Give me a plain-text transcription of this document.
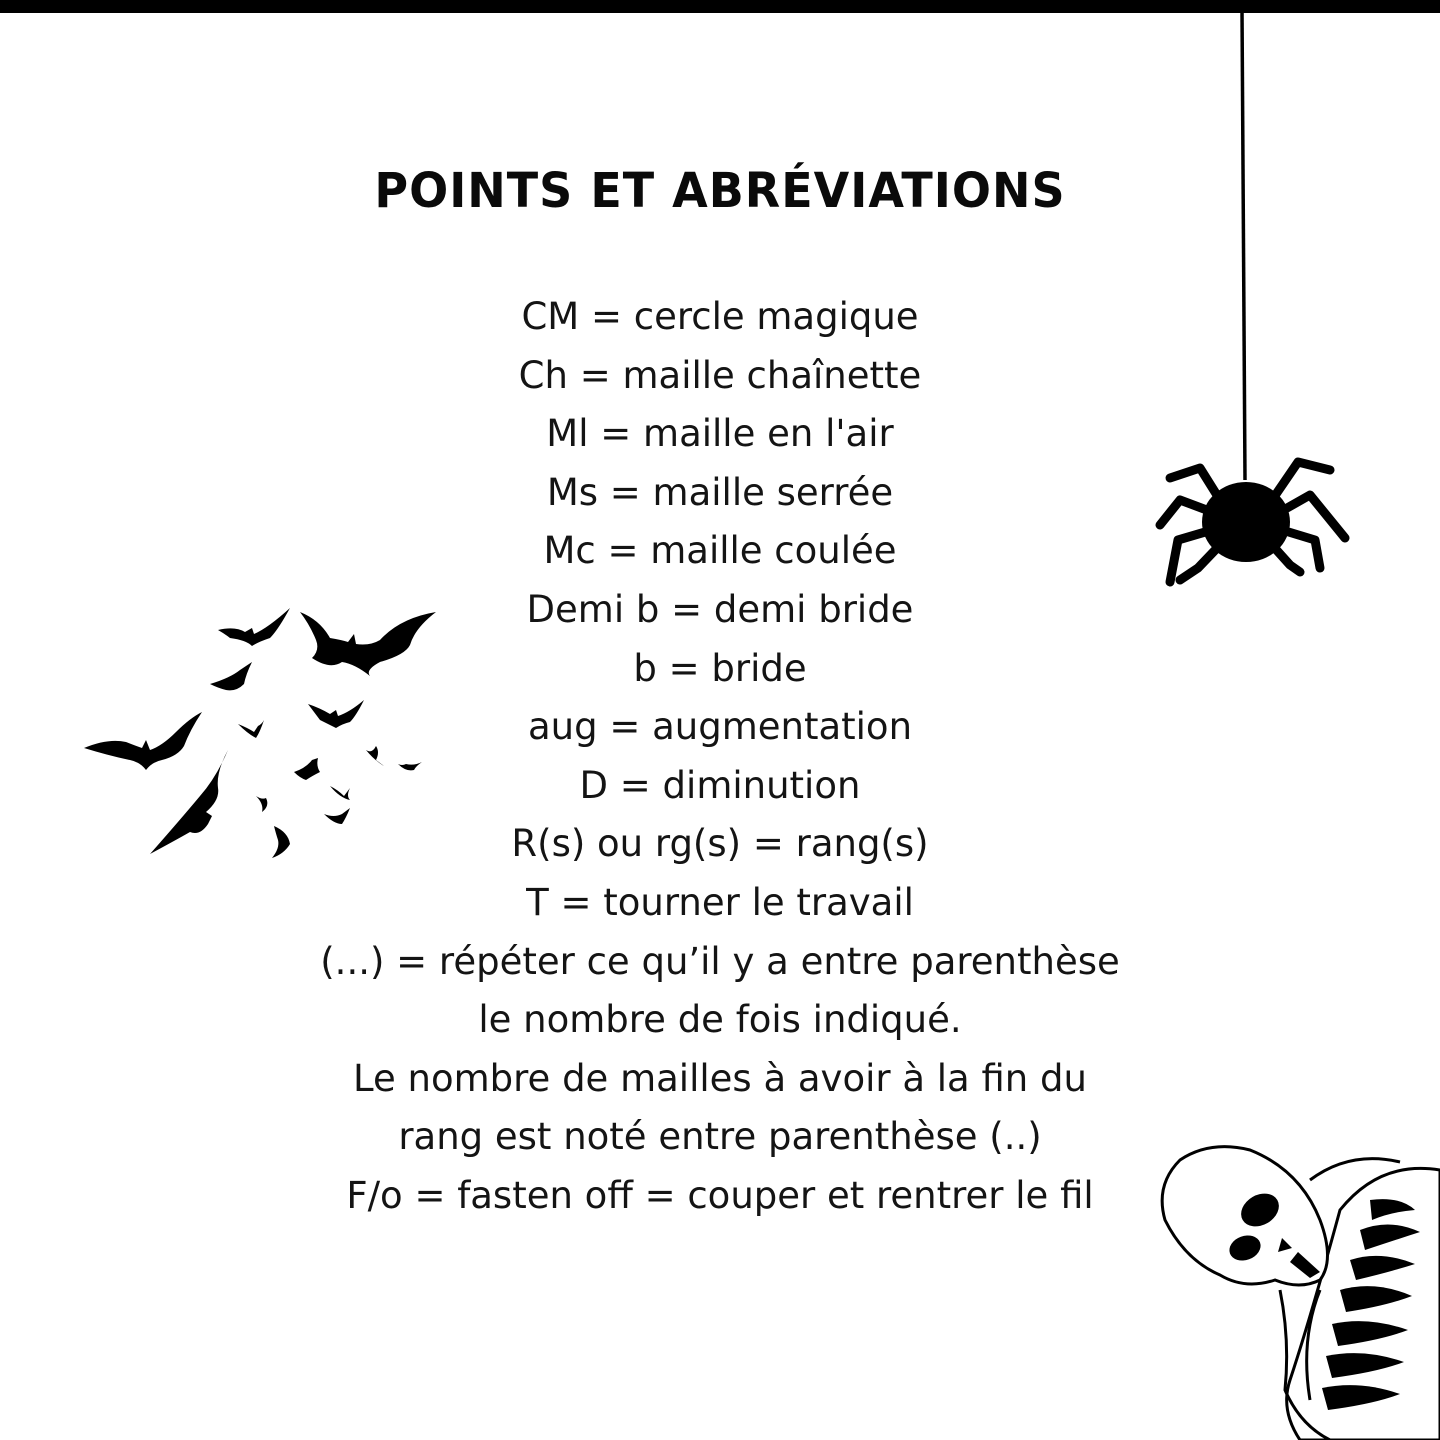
POINTS ET ABRÉVIATIONS
CM = cercle magique
Ch = maille chaînette
Ml = maille en l'air
Ms = maille serrée
Mc = maille coulée
Demi b = demi bride
b = bride
aug = augmentation
D = diminution
R(s) ou rg(s) = rang(s)
T = tourner le travail
(...) = répéter ce qu’il y a entre parenthèse
le nombre de fois indiqué.
Le nombre de mailles à avoir à la fin du
rang est noté entre parenthèse (..)
F/o = fasten off = couper et rentrer le fil
